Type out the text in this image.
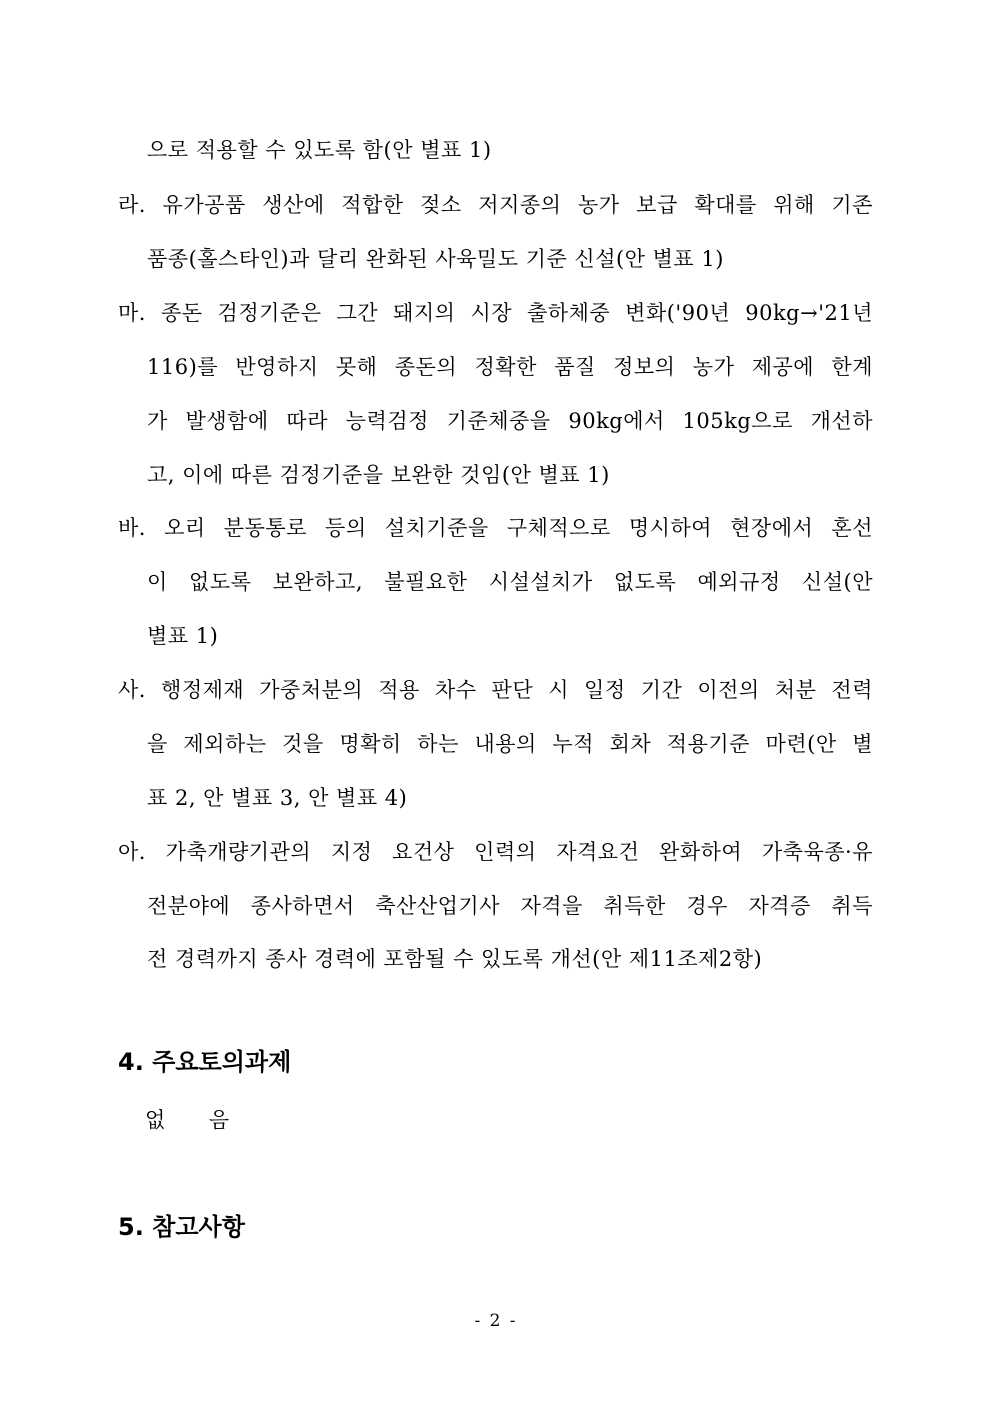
으로 적용할 수 있도록 함(안 별표 1)
라. 유가공품 생산에 적합한 젖소 저지종의 농가 보급 확대를 위해 기존
품종(홀스타인)과 달리 완화된 사육밀도 기준 신설(안 별표 1)
마. 종돈 검정기준은 그간 돼지의 시장 출하체중 변화('90년 90kg→'21년
116)를 반영하지 못해 종돈의 정확한 품질 정보의 농가 제공에 한계
가 발생함에 따라 능력검정 기준체중을 90kg에서 105kg으로 개선하
고, 이에 따른 검정기준을 보완한 것임(안 별표 1)
바. 오리 분동통로 등의 설치기준을 구체적으로 명시하여 현장에서 혼선
이 없도록 보완하고, 불필요한 시설설치가 없도록 예외규정 신설(안
별표 1)
사. 행정제재 가중처분의 적용 차수 판단 시 일정 기간 이전의 처분 전력
을 제외하는 것을 명확히 하는 내용의 누적 회차 적용기준 마련(안 별
표 2, 안 별표 3, 안 별표 4)
아. 가축개량기관의 지정 요건상 인력의 자격요건 완화하여 가축육종·유
전분야에 종사하면서 축산산업기사 자격을 취득한 경우 자격증 취득
전 경력까지 종사 경력에 포함될 수 있도록 개선(안 제11조제2항)
4. 주요토의과제
없      음
5. 참고사항
- 2 -
